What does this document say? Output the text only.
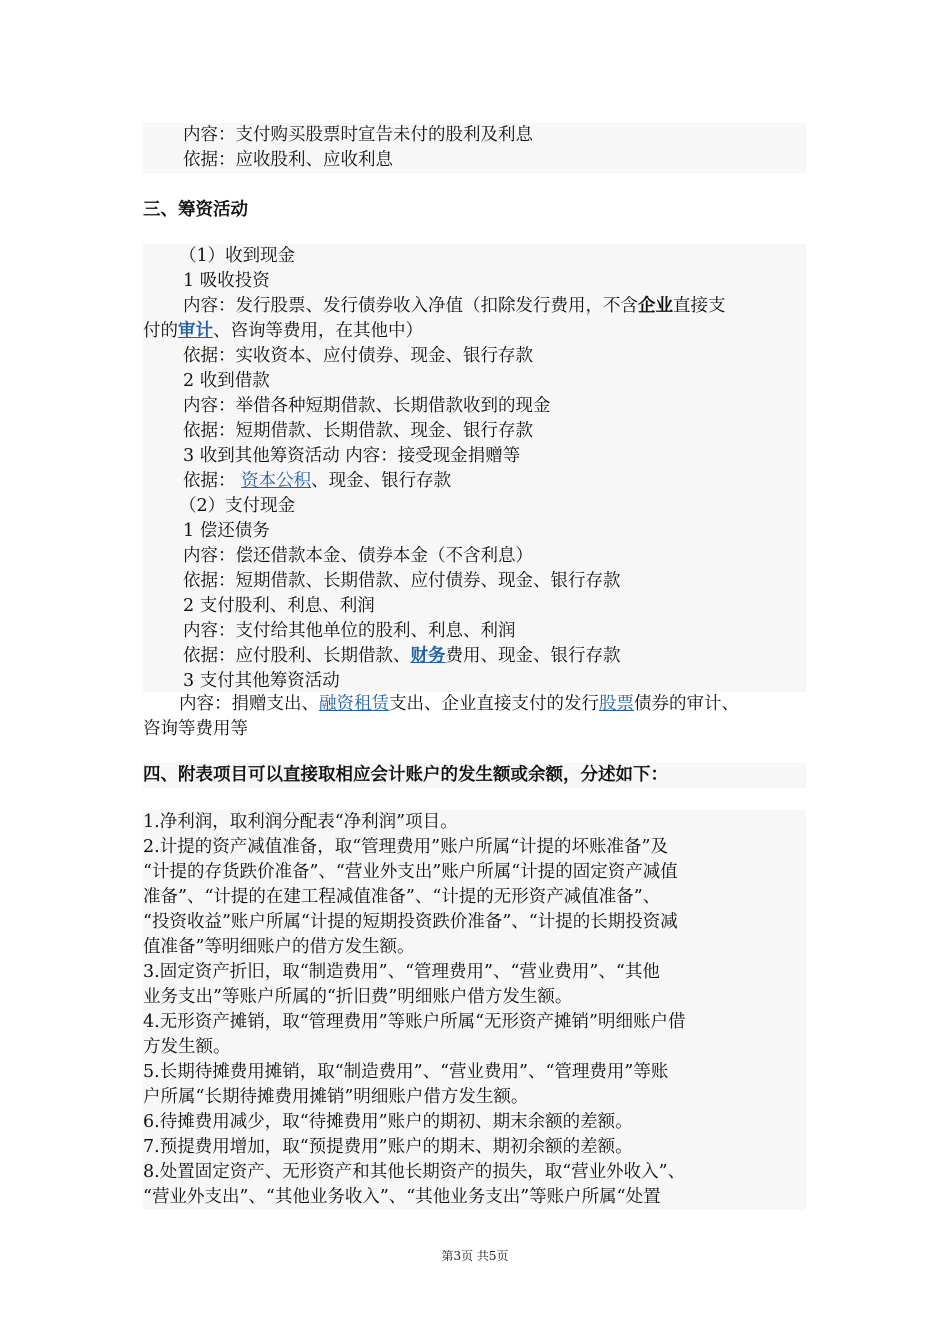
内容：支付购买股票时宣告未付的股利及利息
依据：应收股利、应收利息
三、筹资活动
（1）收到现金
1 吸收投资
内容：发行股票、发行债券收入净值（扣除发行费用，不含企业直接支
付的审计、咨询等费用，在其他中）
依据：实收资本、应付债券、现金、银行存款
2 收到借款
内容：举借各种短期借款、长期借款收到的现金
依据：短期借款、长期借款、现金、银行存款
3 收到其他筹资活动 内容：接受现金捐赠等
依据： 资本公积、现金、银行存款
（2）支付现金
1 偿还债务
内容：偿还借款本金、债券本金（不含利息）
依据：短期借款、长期借款、应付债券、现金、银行存款
2 支付股利、利息、利润
内容：支付给其他单位的股利、利息、利润
依据：应付股利、长期借款、财务费用、现金、银行存款
3 支付其他筹资活动
内容：捐赠支出、融资租赁支出、企业直接支付的发行股票债券的审计、
咨询等费用等
四、附表项目可以直接取相应会计账户的发生额或余额，分述如下：
1.净利润，取利润分配表“净利润”项目。
2.计提的资产减值准备，取“管理费用”账户所属“计提的坏账准备”及
“计提的存货跌价准备”、“营业外支出”账户所属“计提的固定资产减值
准备”、“计提的在建工程减值准备”、“计提的无形资产减值准备”、
“投资收益”账户所属“计提的短期投资跌价准备”、“计提的长期投资减
值准备”等明细账户的借方发生额。
3.固定资产折旧，取“制造费用”、“管理费用”、“营业费用”、“其他
业务支出”等账户所属的“折旧费”明细账户借方发生额。
4.无形资产摊销，取“管理费用”等账户所属“无形资产摊销”明细账户借
方发生额。
5.长期待摊费用摊销，取“制造费用”、“营业费用”、“管理费用”等账
户所属“长期待摊费用摊销”明细账户借方发生额。
6.待摊费用减少，取“待摊费用”账户的期初、期末余额的差额。
7.预提费用增加，取“预提费用”账户的期末、期初余额的差额。
8.处置固定资产、无形资产和其他长期资产的损失，取“营业外收入”、
“营业外支出”、“其他业务收入”、“其他业务支出”等账户所属“处置
第3页 共5页
